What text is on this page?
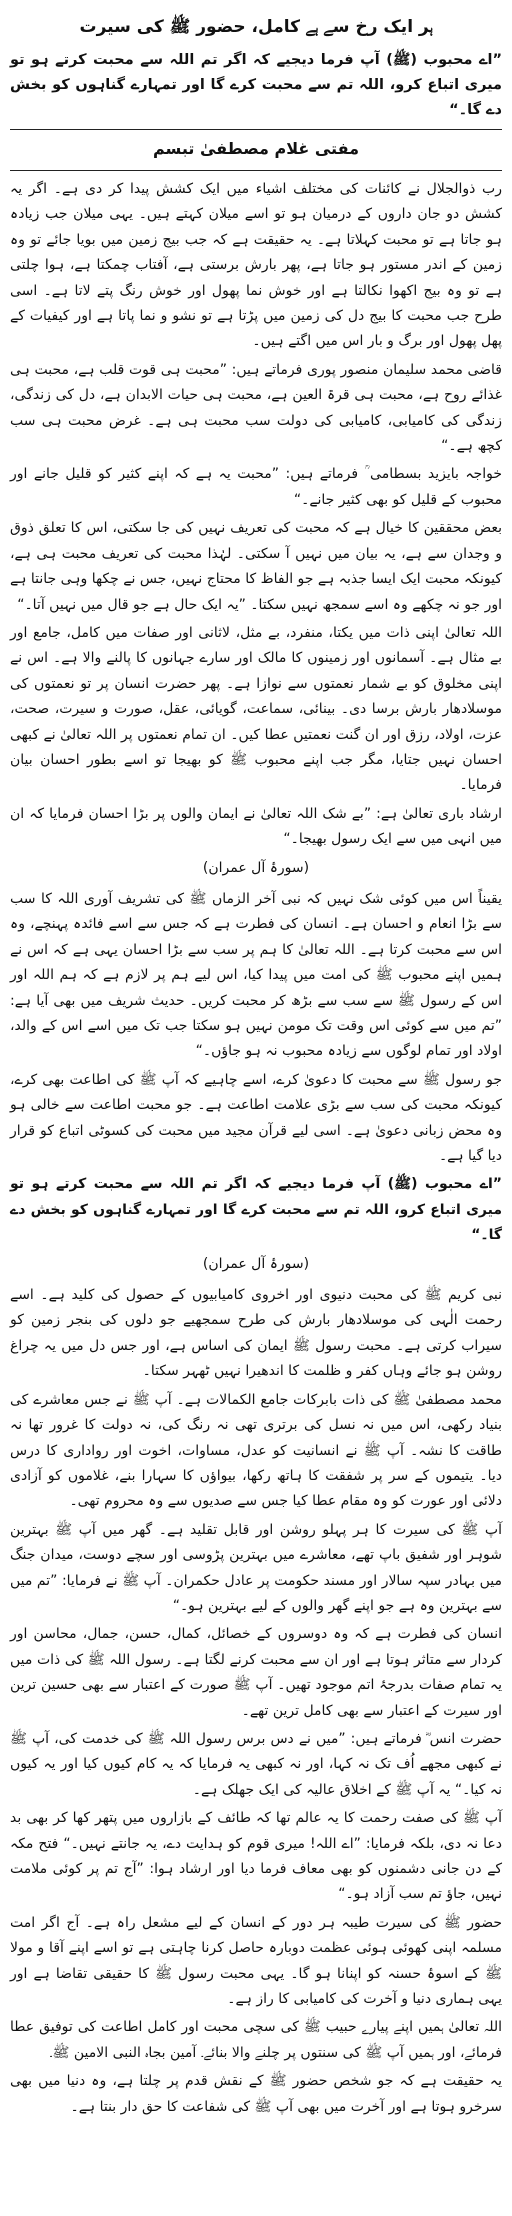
ہر ایک رخ سے ہے کامل، حضور ﷺ کی سیرت
”اے محبوب (ﷺ) آپ فرما دیجیے کہ اگر تم اللہ سے محبت کرتے ہو تو میری اتباع کرو، اللہ تم سے محبت کرے گا اور تمہارے گناہوں کو بخش دے گا۔“
مفتی غلام مصطفیٰ تبسم

رب ذوالجلال نے کائنات کی مختلف اشیاء میں ایک کشش پیدا کر دی ہے۔ اگر یہ کشش دو جان داروں کے درمیان ہو تو اسے میلان کہتے ہیں۔ یہی میلان جب زیادہ ہو جاتا ہے تو محبت کہلاتا ہے۔ یہ حقیقت ہے کہ جب بیج زمین میں بویا جائے تو وہ زمین کے اندر مستور ہو جاتا ہے، پھر بارش برستی ہے، آفتاب چمکتا ہے، ہوا چلتی ہے تو وہ بیج اکھوا نکالتا ہے اور خوش نما پھول اور خوش رنگ پتے لاتا ہے۔ اسی طرح جب محبت کا بیج دل کی زمین میں پڑتا ہے تو نشو و نما پاتا ہے اور کیفیات کے پھل پھول اور برگ و بار اس میں اگتے ہیں۔

قاضی محمد سلیمان منصور پوری فرماتے ہیں: ”محبت ہی قوت قلب ہے، محبت ہی غذائے روح ہے، محبت ہی قرۃ العین ہے، محبت ہی حیات الابدان ہے، دل کی زندگی، زندگی کی کامیابی، کامیابی کی دولت سب محبت ہی ہے۔ غرض محبت ہی سب کچھ ہے۔“

خواجہ بایزید بسطامی ؒ فرماتے ہیں: ”محبت یہ ہے کہ اپنے کثیر کو قلیل جانے اور محبوب کے قلیل کو بھی کثیر جانے۔“

بعض محققین کا خیال ہے کہ محبت کی تعریف نہیں کی جا سکتی، اس کا تعلق ذوق و وجدان سے ہے، یہ بیان میں نہیں آ سکتی۔ لہٰذا محبت کی تعریف محبت ہی ہے، کیونکہ محبت ایک ایسا جذبہ ہے جو الفاظ کا محتاج نہیں، جس نے چکھا وہی جانتا ہے اور جو نہ چکھے وہ اسے سمجھ نہیں سکتا۔ ”یہ ایک حال ہے جو قال میں نہیں آتا۔“

اللہ تعالیٰ اپنی ذات میں یکتا، منفرد، بے مثل، لاثانی اور صفات میں کامل، جامع اور بے مثال ہے۔ آسمانوں اور زمینوں کا مالک اور سارے جہانوں کا پالنے والا ہے۔ اس نے اپنی مخلوق کو بے شمار نعمتوں سے نوازا ہے۔ پھر حضرت انسان پر تو نعمتوں کی موسلادھار بارش برسا دی۔ بینائی، سماعت، گویائی، عقل، صورت و سیرت، صحت، عزت، اولاد، رزق اور ان گنت نعمتیں عطا کیں۔ ان تمام نعمتوں پر اللہ تعالیٰ نے کبھی احسان نہیں جتایا، مگر جب اپنے محبوب ﷺ کو بھیجا تو اسے بطور احسان بیان فرمایا۔

ارشاد باری تعالیٰ ہے: ”بے شک اللہ تعالیٰ نے ایمان والوں پر بڑا احسان فرمایا کہ ان میں انہی میں سے ایک رسول بھیجا۔“

(سورۂ آل عمران)

یقیناً اس میں کوئی شک نہیں کہ نبی آخر الزماں ﷺ کی تشریف آوری اللہ کا سب سے بڑا انعام و احسان ہے۔ انسان کی فطرت ہے کہ جس سے اسے فائدہ پہنچے، وہ اس سے محبت کرتا ہے۔ اللہ تعالیٰ کا ہم پر سب سے بڑا احسان یہی ہے کہ اس نے ہمیں اپنے محبوب ﷺ کی امت میں پیدا کیا، اس لیے ہم پر لازم ہے کہ ہم اللہ اور اس کے رسول ﷺ سے سب سے بڑھ کر محبت کریں۔ حدیث شریف میں بھی آیا ہے: ”تم میں سے کوئی اس وقت تک مومن نہیں ہو سکتا جب تک میں اسے اس کے والد، اولاد اور تمام لوگوں سے زیادہ محبوب نہ ہو جاؤں۔“

جو رسول ﷺ سے محبت کا دعویٰ کرے، اسے چاہیے کہ آپ ﷺ کی اطاعت بھی کرے، کیونکہ محبت کی سب سے بڑی علامت اطاعت ہے۔ جو محبت اطاعت سے خالی ہو وہ محض زبانی دعویٰ ہے۔ اسی لیے قرآن مجید میں محبت کی کسوٹی اتباع کو قرار دیا گیا ہے۔

”اے محبوب (ﷺ) آپ فرما دیجیے کہ اگر تم اللہ سے محبت کرتے ہو تو میری اتباع کرو، اللہ تم سے محبت کرے گا اور تمہارے گناہوں کو بخش دے گا۔“

(سورۂ آل عمران)

نبی کریم ﷺ کی محبت دنیوی اور اخروی کامیابیوں کے حصول کی کلید ہے۔ اسے رحمت الٰہی کی موسلادھار بارش کی طرح سمجھیے جو دلوں کی بنجر زمین کو سیراب کرتی ہے۔ محبت رسول ﷺ ایمان کی اساس ہے، اور جس دل میں یہ چراغ روشن ہو جائے وہاں کفر و ظلمت کا اندھیرا نہیں ٹھہر سکتا۔

محمد مصطفیٰ ﷺ کی ذات بابرکات جامع الکمالات ہے۔ آپ ﷺ نے جس معاشرے کی بنیاد رکھی، اس میں نہ نسل کی برتری تھی نہ رنگ کی، نہ دولت کا غرور تھا نہ طاقت کا نشہ۔ آپ ﷺ نے انسانیت کو عدل، مساوات، اخوت اور رواداری کا درس دیا۔ یتیموں کے سر پر شفقت کا ہاتھ رکھا، بیواؤں کا سہارا بنے، غلاموں کو آزادی دلائی اور عورت کو وہ مقام عطا کیا جس سے صدیوں سے وہ محروم تھی۔

آپ ﷺ کی سیرت کا ہر پہلو روشن اور قابل تقلید ہے۔ گھر میں آپ ﷺ بہترین شوہر اور شفیق باپ تھے، معاشرے میں بہترین پڑوسی اور سچے دوست، میدان جنگ میں بہادر سپہ سالار اور مسند حکومت پر عادل حکمران۔ آپ ﷺ نے فرمایا: ”تم میں سے بہترین وہ ہے جو اپنے گھر والوں کے لیے بہترین ہو۔“

انسان کی فطرت ہے کہ وہ دوسروں کے خصائل، کمال، حسن، جمال، محاسن اور کردار سے متاثر ہوتا ہے اور ان سے محبت کرنے لگتا ہے۔ رسول اللہ ﷺ کی ذات میں یہ تمام صفات بدرجۂ اتم موجود تھیں۔ آپ ﷺ صورت کے اعتبار سے بھی حسین ترین اور سیرت کے اعتبار سے بھی کامل ترین تھے۔

حضرت انس ؓ فرماتے ہیں: ”میں نے دس برس رسول اللہ ﷺ کی خدمت کی، آپ ﷺ نے کبھی مجھے اُف تک نہ کہا، اور نہ کبھی یہ فرمایا کہ یہ کام کیوں کیا اور یہ کیوں نہ کیا۔“ یہ آپ ﷺ کے اخلاق عالیہ کی ایک جھلک ہے۔

آپ ﷺ کی صفت رحمت کا یہ عالم تھا کہ طائف کے بازاروں میں پتھر کھا کر بھی بد دعا نہ دی، بلکہ فرمایا: ”اے اللہ! میری قوم کو ہدایت دے، یہ جانتے نہیں۔“ فتح مکہ کے دن جانی دشمنوں کو بھی معاف فرما دیا اور ارشاد ہوا: ”آج تم پر کوئی ملامت نہیں، جاؤ تم سب آزاد ہو۔“

حضور ﷺ کی سیرت طیبہ ہر دور کے انسان کے لیے مشعل راہ ہے۔ آج اگر امت مسلمہ اپنی کھوئی ہوئی عظمت دوبارہ حاصل کرنا چاہتی ہے تو اسے اپنے آقا و مولا ﷺ کے اسوۂ حسنہ کو اپنانا ہو گا۔ یہی محبت رسول ﷺ کا حقیقی تقاضا ہے اور یہی ہماری دنیا و آخرت کی کامیابی کا راز ہے۔

اللہ تعالیٰ ہمیں اپنے پیارے حبیب ﷺ کی سچی محبت اور کامل اطاعت کی توفیق عطا فرمائے، اور ہمیں آپ ﷺ کی سنتوں پر چلنے والا بنائے۔ آمین بجاہ النبی الامین ﷺ۔

یہ حقیقت ہے کہ جو شخص حضور ﷺ کے نقش قدم پر چلتا ہے، وہ دنیا میں بھی سرخرو ہوتا ہے اور آخرت میں بھی آپ ﷺ کی شفاعت کا حق دار بنتا ہے۔
